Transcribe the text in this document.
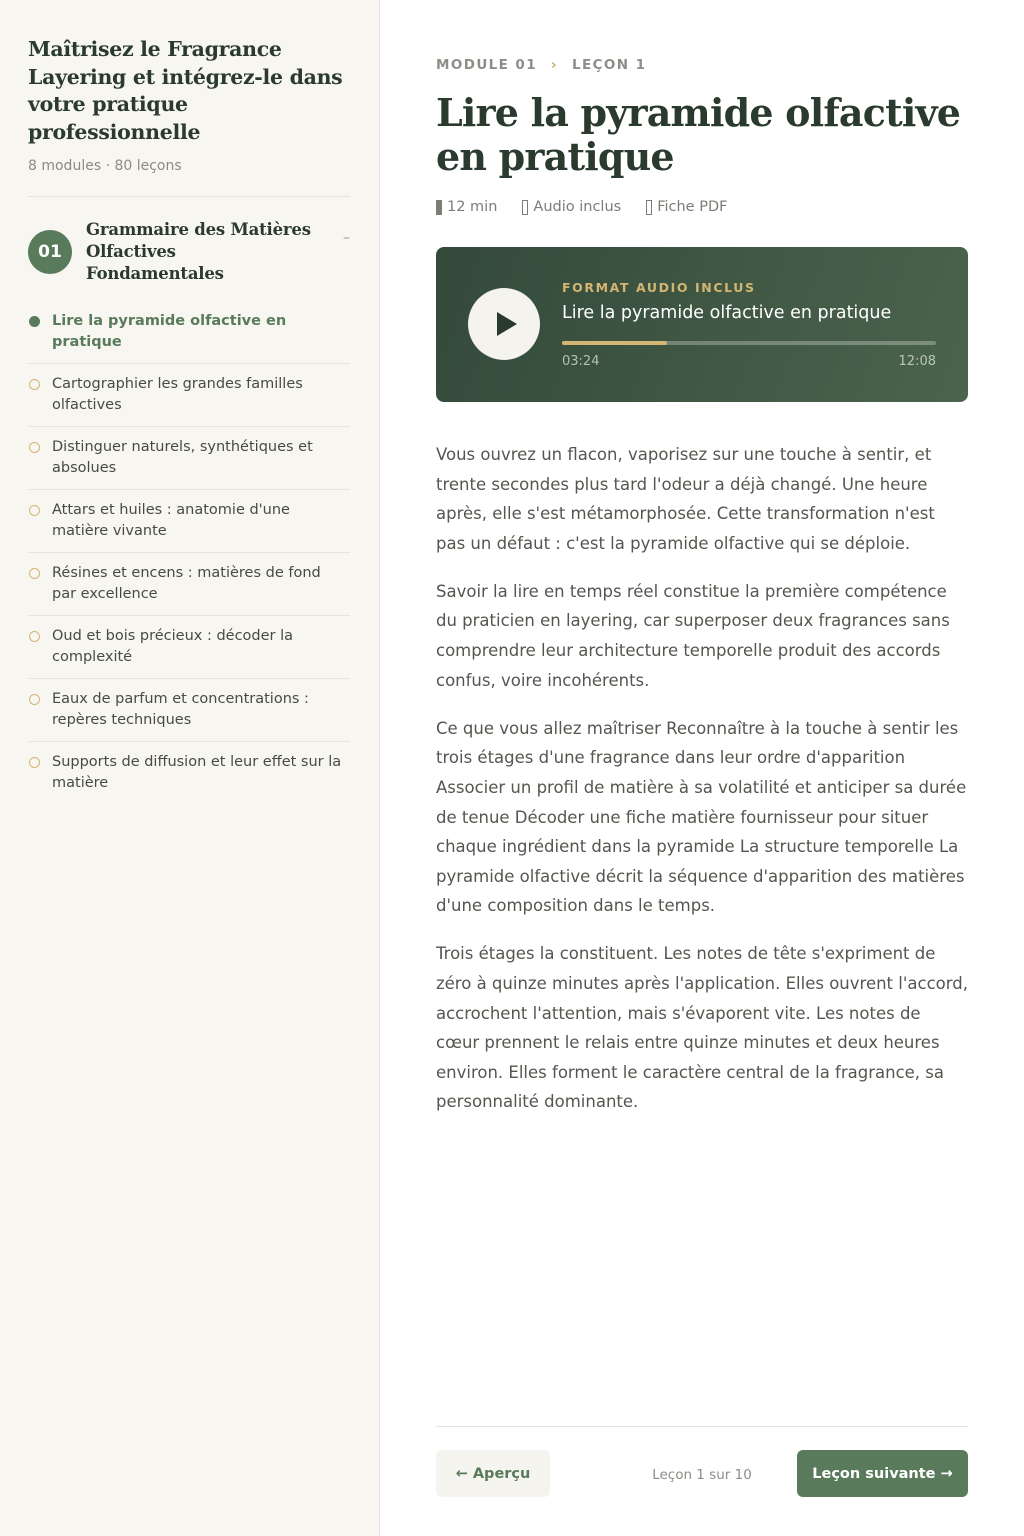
Maîtrisez le Fragrance Layering et intégrez-le dans votre pratique professionnelle
8 modules · 80 leçons
01
Grammaire des Matières Olfactives Fondamentales
–
Lire la pyramide olfactive en pratique
Cartographier les grandes familles olfactives
Distinguer naturels, synthétiques et absolues
Attars et huiles : anatomie d'une matière vivante
Résines et encens : matières de fond par excellence
Oud et bois précieux : décoder la complexité
Eaux de parfum et concentrations : repères techniques
Supports de diffusion et leur effet sur la matière
MODULE 01 › LEÇON 1
Lire la pyramide olfactive en pratique
12 min Audio inclus Fiche PDF
FORMAT AUDIO INCLUS
Lire la pyramide olfactive en pratique
03:24	12:08

Vous ouvrez un flacon, vaporisez sur une touche à sentir, et trente secondes plus tard l'odeur a déjà changé. Une heure après, elle s'est métamorphosée. Cette transformation n'est pas un défaut : c'est la pyramide olfactive qui se déploie.

Savoir la lire en temps réel constitue la première compétence du praticien en layering, car superposer deux fragrances sans comprendre leur architecture temporelle produit des accords confus, voire incohérents.

Ce que vous allez maîtriser Reconnaître à la touche à sentir les trois étages d'une fragrance dans leur ordre d'apparition Associer un profil de matière à sa volatilité et anticiper sa durée de tenue Décoder une fiche matière fournisseur pour situer chaque ingrédient dans la pyramide La structure temporelle La pyramide olfactive décrit la séquence d'apparition des matières d'une composition dans le temps.

Trois étages la constituent. Les notes de tête s'expriment de zéro à quinze minutes après l'application. Elles ouvrent l'accord, accrochent l'attention, mais s'évaporent vite. Les notes de cœur prennent le relais entre quinze minutes et deux heures environ. Elles forment le caractère central de la fragrance, sa personnalité dominante.

← Aperçu	Leçon 1 sur 10	Leçon suivante →
